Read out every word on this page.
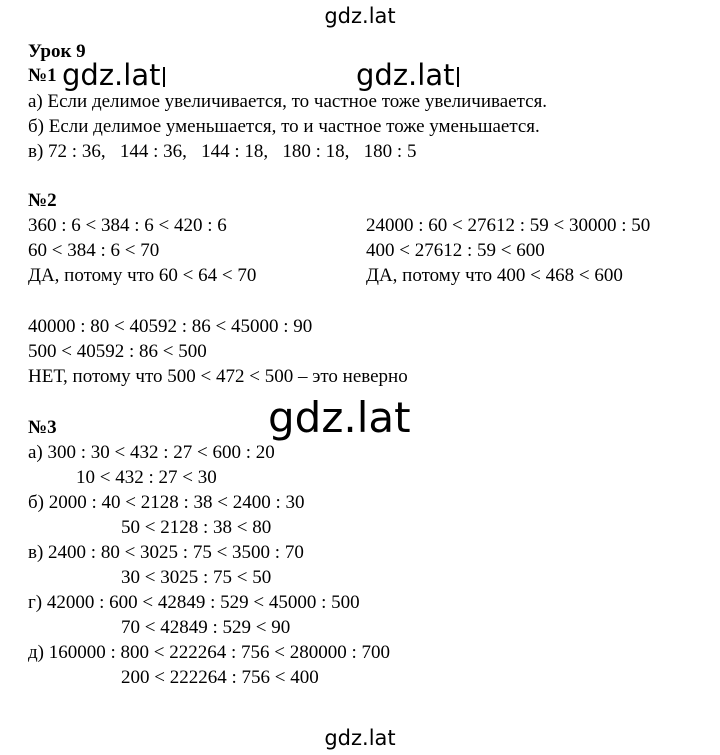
gdz.lat
Урок 9
№1 gdz.lat	gdz.lat
а) Если делимое увеличивается, то частное тоже увеличивается.
б) Если делимое уменьшается, то и частное тоже уменьшается.
в) 72 : 36,   144 : 36,   144 : 18,   180 : 18,   180 : 5
№2
360 : 6 < 384 : 6 < 420 : 6
60 < 384 : 6 < 70
ДА, потому что 60 < 64 < 70
24000 : 60 < 27612 : 59 < 30000 : 50
400 < 27612 : 59 < 600
ДА, потому что 400 < 468 < 600
40000 : 80 < 40592 : 86 < 45000 : 90
500 < 40592 : 86 < 500
НЕТ, потому что 500 < 472 < 500 – это неверно
№3	gdz.lat
а) 300 : 30 < 432 : 27 < 600 : 20
10 < 432 : 27 < 30
б) 2000 : 40 < 2128 : 38 < 2400 : 30
50 < 2128 : 38 < 80
в) 2400 : 80 < 3025 : 75 < 3500 : 70
30 < 3025 : 75 < 50
г) 42000 : 600 < 42849 : 529 < 45000 : 500
70 < 42849 : 529 < 90
д) 160000 : 800 < 222264 : 756 < 280000 : 700
200 < 222264 : 756 < 400
gdz.lat
